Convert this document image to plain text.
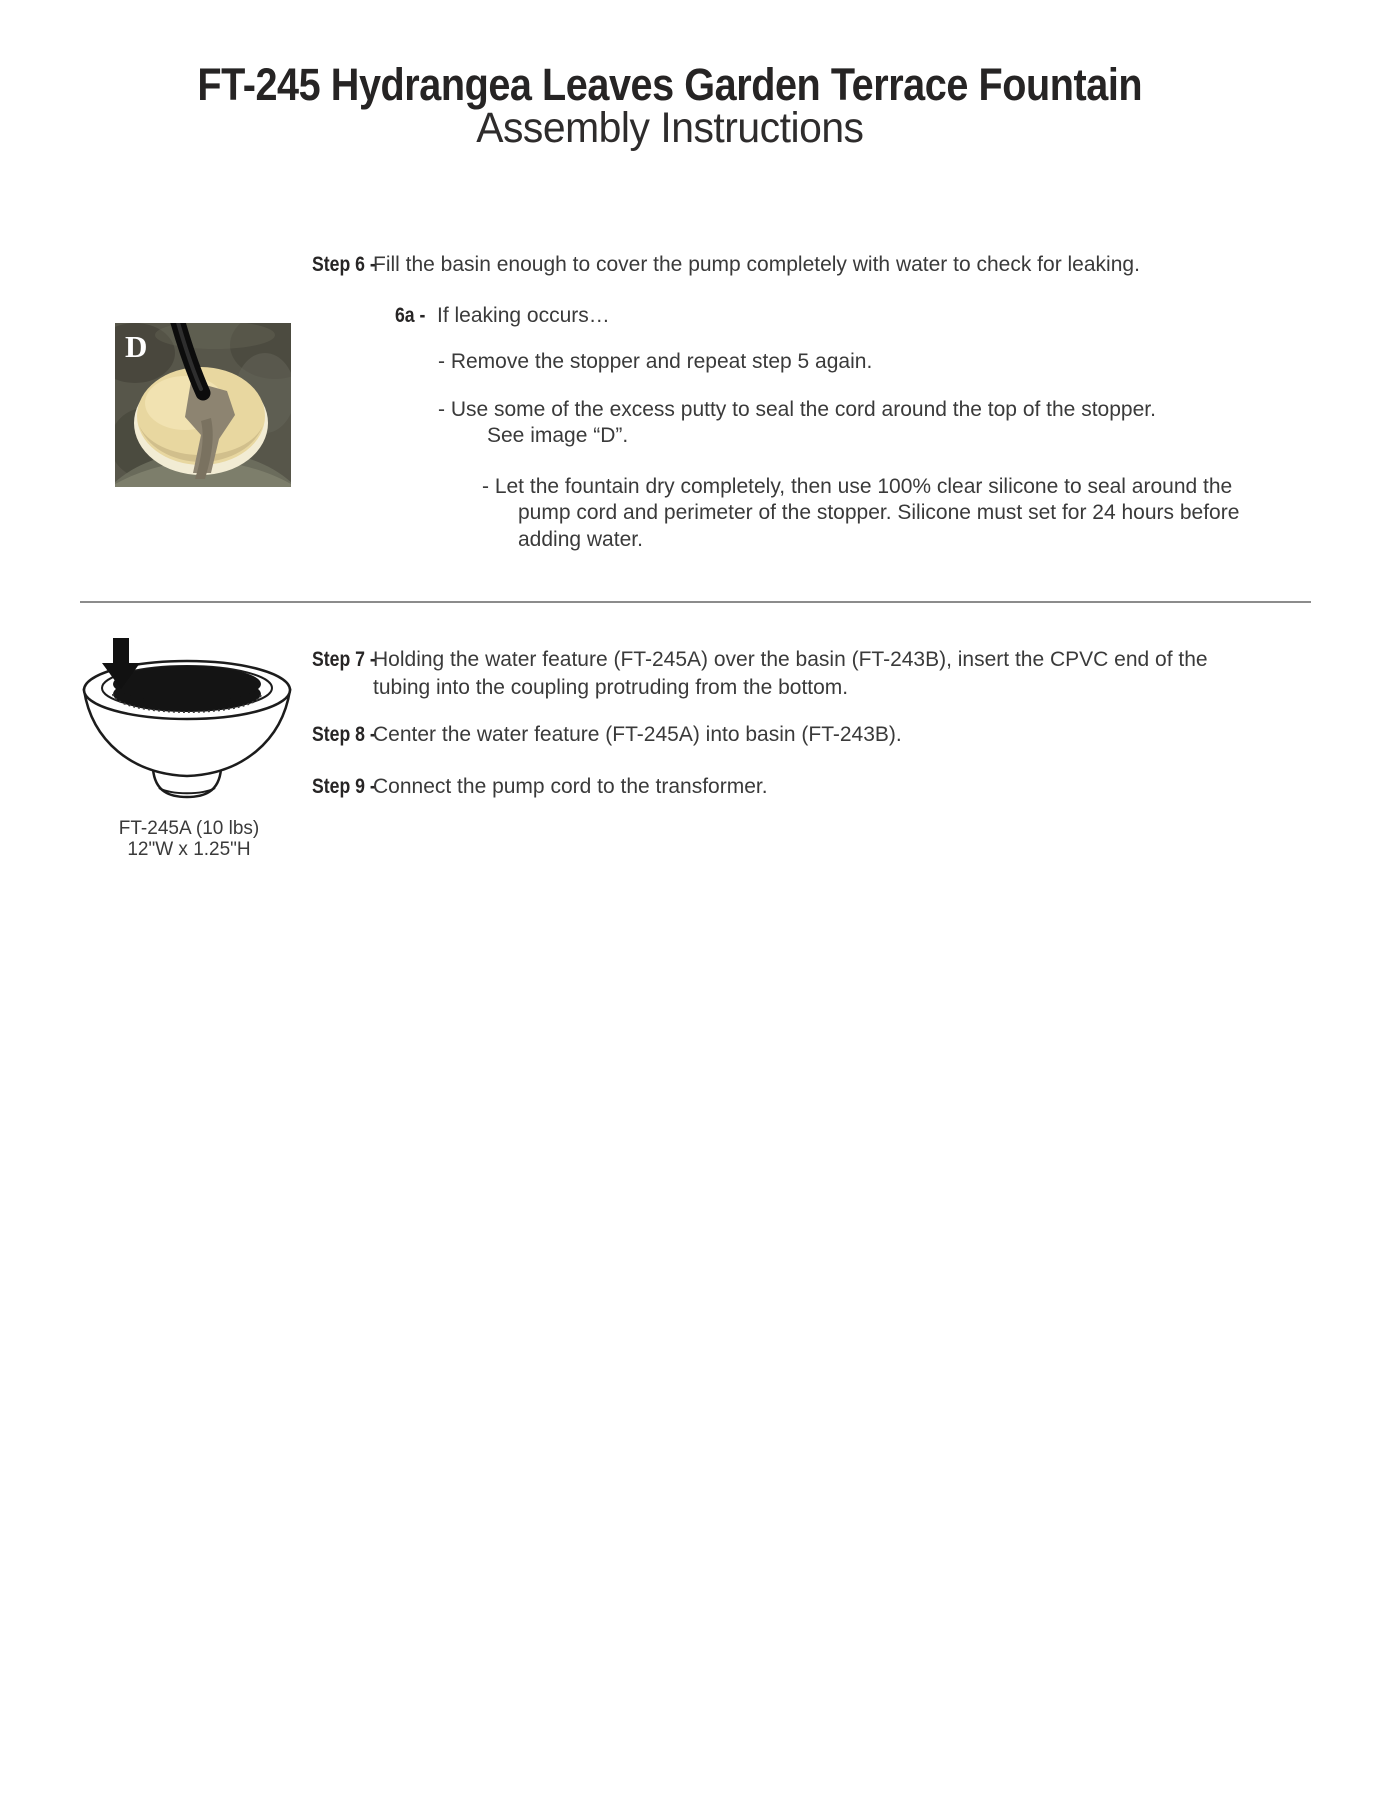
FT-245 Hydrangea Leaves Garden Terrace Fountain
Assembly Instructions
Step 6 -
Fill the basin enough to cover the pump completely with water to check for leaking.
6a - If leaking occurs…
- Remove the stopper and repeat step 5 again.
- Use some of the excess putty to seal the cord around the top of the stopper.
See image “D”.
- Let the fountain dry completely, then use 100% clear silicone to seal around the
pump cord and perimeter of the stopper. Silicone must set for 24 hours before
adding water.
D
FT-245A (10 lbs)
12"W x 1.25"H
Step 7 -
Holding the water feature (FT-245A) over the basin (FT-243B), insert the CPVC end of the
tubing into the coupling protruding from the bottom.
Step 8 -
Center the water feature (FT-245A) into basin (FT-243B).
Step 9 -
Connect the pump cord to the transformer.
